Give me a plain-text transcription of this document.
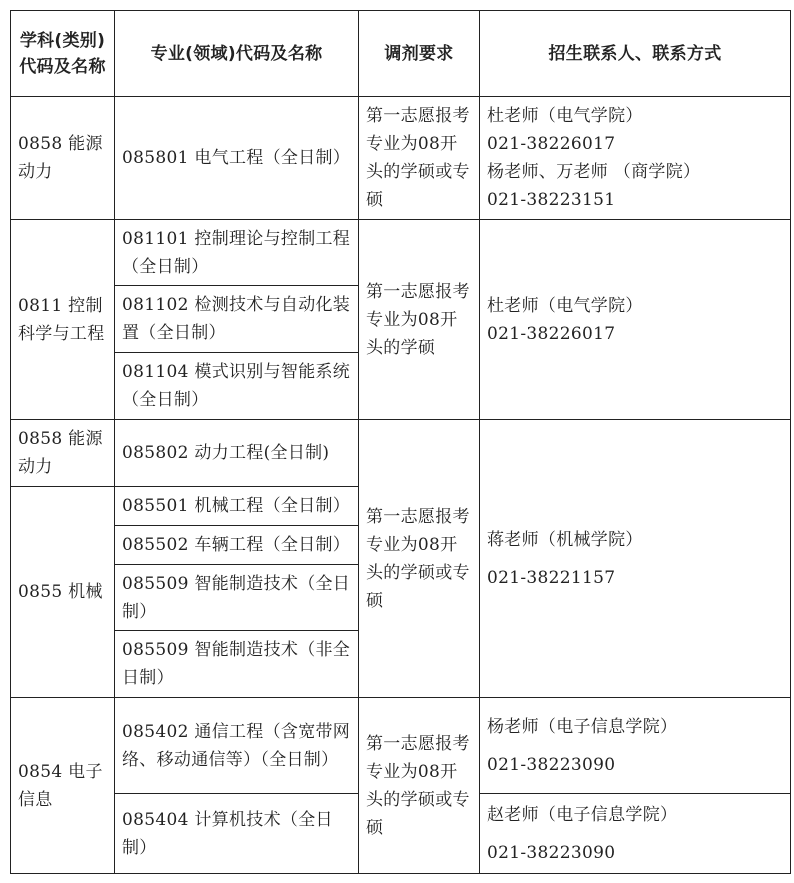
学科(类别)代码及名称	专业(领域)代码及名称	调剂要求	招生联系人、联系方式
0858 能源动力	085801 电气工程（全日制）	第一志愿报考专业为08开头的学硕或专硕	杜老师（电气学院）
021-38226017
杨老师、万老师 （商学院）
021-38223151

0811 控制科学与工程	081101 控制理论与控制工程（全日制）	第一志愿报考专业为08开头的学硕	杜老师（电气学院）
021-38226017

	081102 检测技术与自动化装置（全日制）		
	081104 模式识别与智能系统（全日制）		
0858 能源动力	085802 动力工程(全日制)	第一志愿报考专业为08开头的学硕或专硕	蒋老师（机械学院）
021-38221157

0855 机械	085501 机械工程（全日制）		
	085502 车辆工程（全日制）		
	085509 智能制造技术（全日制）		
	085509 智能制造技术（非全日制）		
0854 电子信息	085402 通信工程（含宽带网络、移动通信等）（全日制）	第一志愿报考专业为08开头的学硕或专硕	杨老师（电子信息学院）
021-38223090

	085404 计算机技术（全日制）		赵老师（电子信息学院）
021-38223090
